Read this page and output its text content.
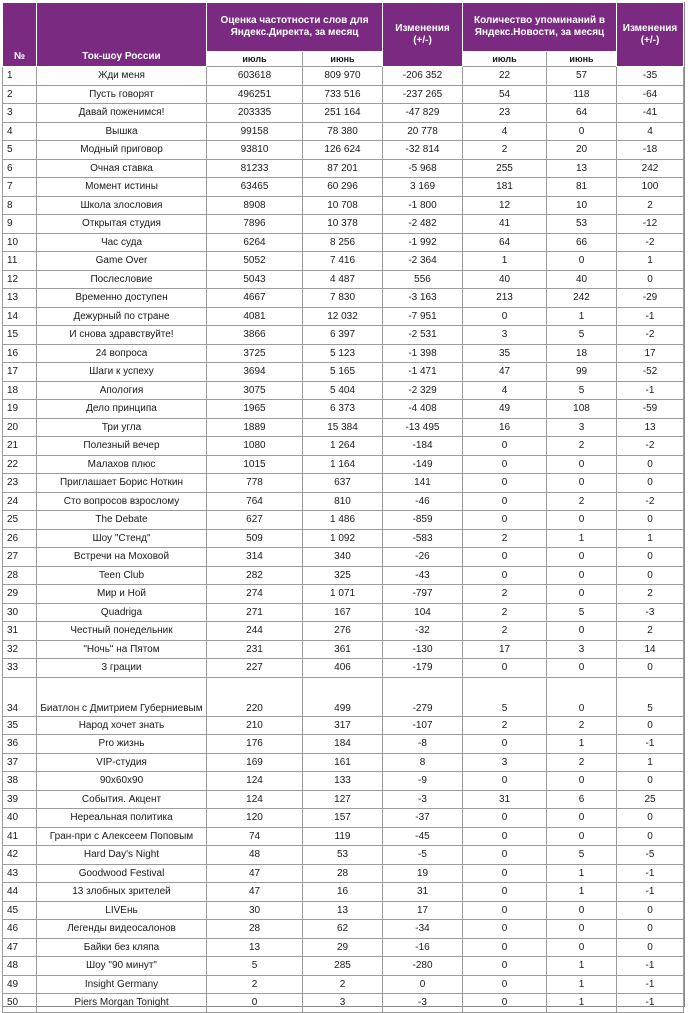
№	Ток-шоу России	Оценка частотности слов для Яндекс.Директа, за месяц		Изменения (+/-)	Количество упоминаний в Яндекс.Новости, за месяц		Изменения (+/-)
		июль	июнь		июль	июнь	
1	Жди меня	603618	809 970	-206 352	22	57	-35
2	Пусть говорят	496251	733 516	-237 265	54	118	-64
3	Давай поженимся!	203335	251 164	-47 829	23	64	-41
4	Вышка	99158	78 380	20 778	4	0	4
5	Модный приговор	93810	126 624	-32 814	2	20	-18
6	Очная ставка	81233	87 201	-5 968	255	13	242
7	Момент истины	63465	60 296	3 169	181	81	100
8	Школа злословия	8908	10 708	-1 800	12	10	2
9	Открытая студия	7896	10 378	-2 482	41	53	-12
10	Час суда	6264	8 256	-1 992	64	66	-2
11	Game Over	5052	7 416	-2 364	1	0	1
12	Послесловие	5043	4 487	556	40	40	0
13	Временно доступен	4667	7 830	-3 163	213	242	-29
14	Дежурный по стране	4081	12 032	-7 951	0	1	-1
15	И снова здравствуйте!	3866	6 397	-2 531	3	5	-2
16	24 вопроса	3725	5 123	-1 398	35	18	17
17	Шаги к успеху	3694	5 165	-1 471	47	99	-52
18	Апология	3075	5 404	-2 329	4	5	-1
19	Дело принципа	1965	6 373	-4 408	49	108	-59
20	Три угла	1889	15 384	-13 495	16	3	13
21	Полезный вечер	1080	1 264	-184	0	2	-2
22	Малахов плюс	1015	1 164	-149	0	0	0
23	Приглашает Борис Ноткин	778	637	141	0	0	0
24	Сто вопросов взрослому	764	810	-46	0	2	-2
25	The Debate	627	1 486	-859	0	0	0
26	Шоу "Стенд"	509	1 092	-583	2	1	1
27	Встречи на Моховой	314	340	-26	0	0	0
28	Teen Club	282	325	-43	0	0	0
29	Мир и Ной	274	1 071	-797	2	0	2
30	Quadriga	271	167	104	2	5	-3
31	Честный понедельник	244	276	-32	2	0	2
32	"Ночь" на Пятом	231	361	-130	17	3	14
33	3 грации	227	406	-179	0	0	0
34	Биатлон с Дмитрием Губерниевым	220	499	-279	5	0	5
35	Народ хочет знать	210	317	-107	2	2	0
36	Pro жизнь	176	184	-8	0	1	-1
37	VIP-студия	169	161	8	3	2	1
38	90x60x90	124	133	-9	0	0	0
39	События. Акцент	124	127	-3	31	6	25
40	Нереальная политика	120	157	-37	0	0	0
41	Гран-при с Алексеем Поповым	74	119	-45	0	0	0
42	Hard Day's Night	48	53	-5	0	5	-5
43	Goodwood Festival	47	28	19	0	1	-1
44	13 злобных зрителей	47	16	31	0	1	-1
45	LIVEнь	30	13	17	0	0	0
46	Легенды видеосалонов	28	62	-34	0	0	0
47	Байки без кляпа	13	29	-16	0	0	0
48	Шоу "90 минут"	5	285	-280	0	1	-1
49	Insight Germany	2	2	0	0	1	-1
50	Piers Morgan Tonight	0	3	-3	0	1	-1
